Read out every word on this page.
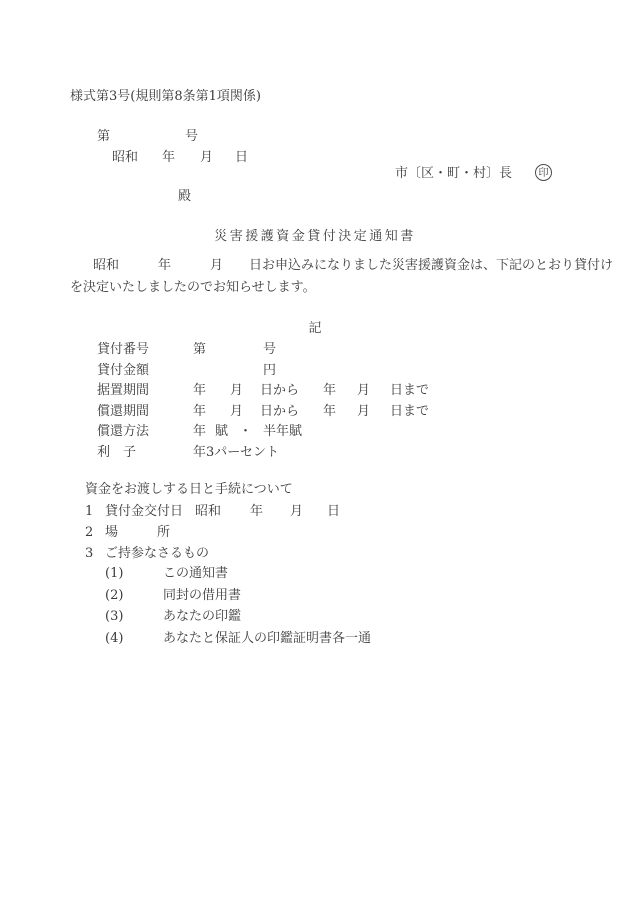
様式第3号(規則第8条第1項関係)
第	号
昭和 年 月 日
市〔区・町・村〕長	印
殿
災害援護資金貸付決定通知書
昭和　　　年　　　月　　日お申込みになりました災害援護資金は、下記のとおり貸付け
を決定いたしましたのでお知らせします。
記
貸付番号	第	号
貸付金額	円
据置期間	年 月 日から 年 月 日まで
償還期間	年 月 日から 年 月 日まで
償還方法	年 賦 ・ 半年賦
利　子	年3パーセント
資金をお渡しする日と手続について
1 貸付金交付日 昭和 年 月 日
2 場　　　所
3 ご持参なさるもの
(1)	この通知書
(2)	同封の借用書
(3)	あなたの印鑑
(4)	あなたと保証人の印鑑証明書各一通
